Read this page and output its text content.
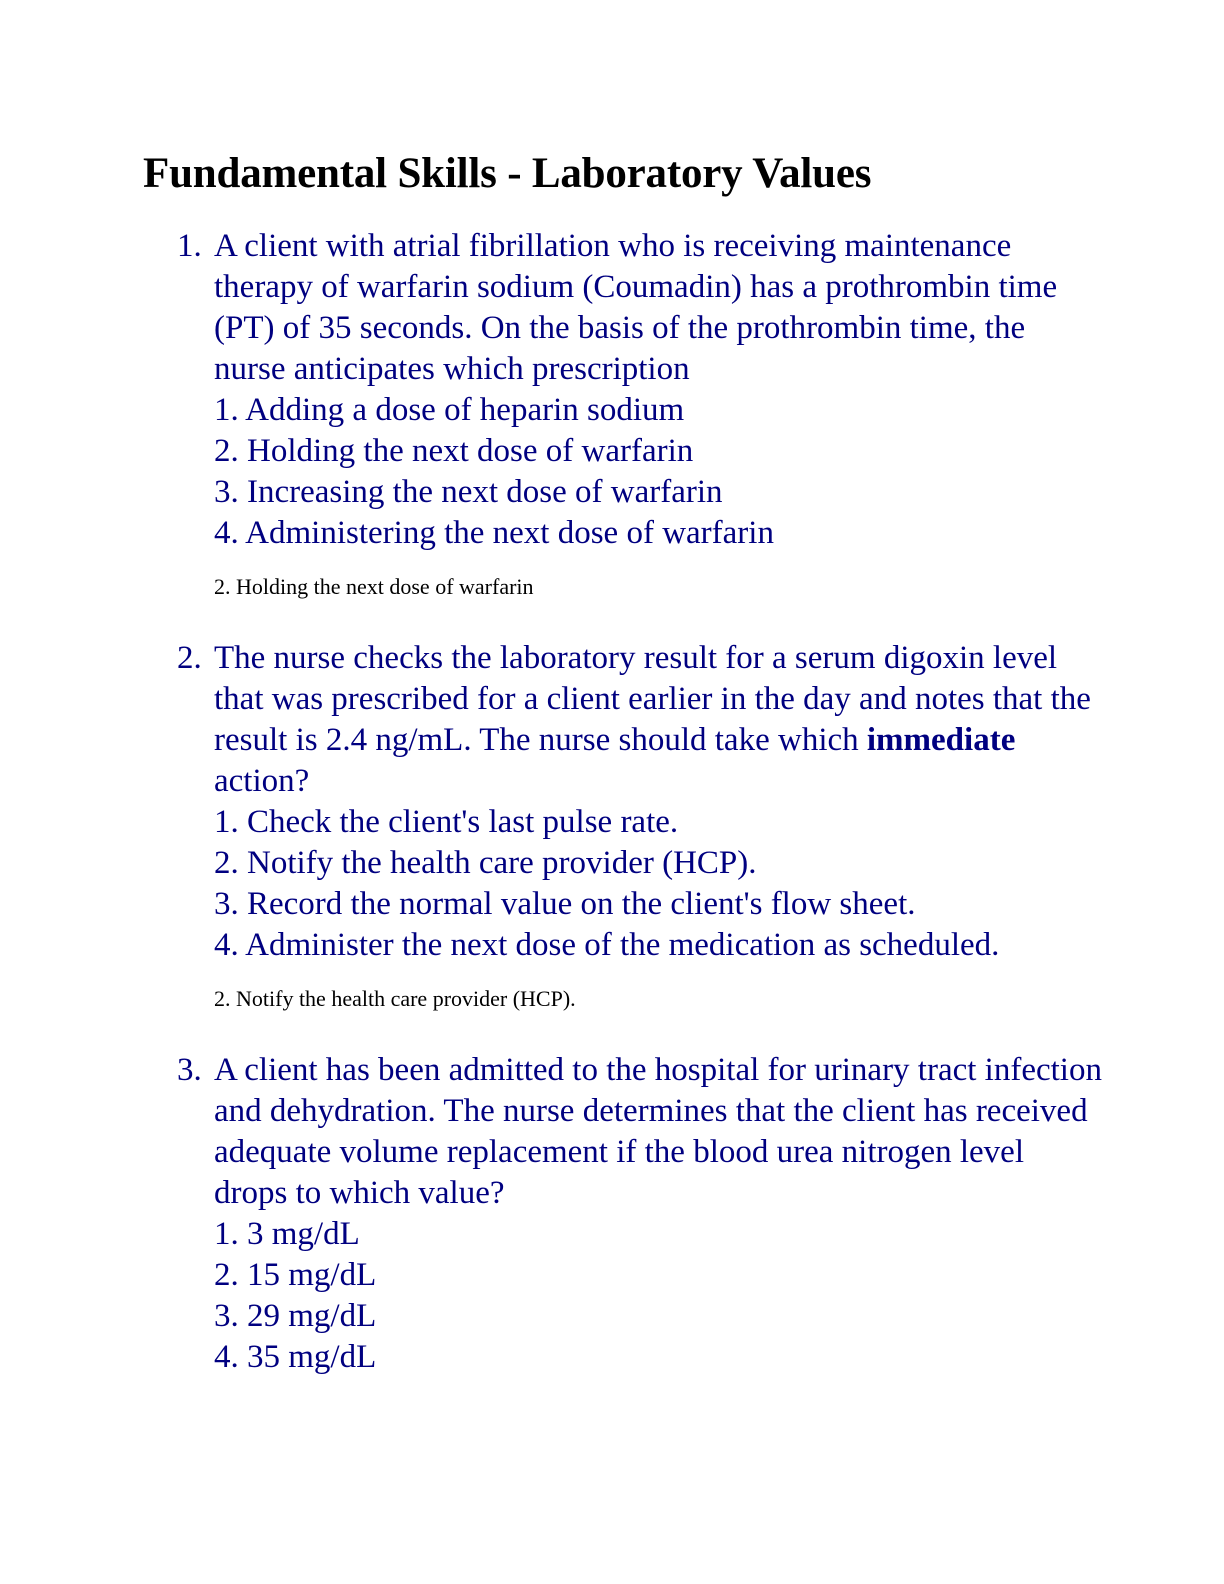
Fundamental Skills - Laboratory Values
1. A client with atrial fibrillation who is receiving maintenance therapy of warfarin sodium (Coumadin) has a prothrombin time (PT) of 35 seconds. On the basis of the prothrombin time, the nurse anticipates which prescription
1. Adding a dose of heparin sodium
2. Holding the next dose of warfarin
3. Increasing the next dose of warfarin
4. Administering the next dose of warfarin
2. Holding the next dose of warfarin
2. The nurse checks the laboratory result for a serum digoxin level that was prescribed for a client earlier in the day and notes that the result is 2.4 ng/mL. The nurse should take which immediate action?
1. Check the client's last pulse rate.
2. Notify the health care provider (HCP).
3. Record the normal value on the client's flow sheet.
4. Administer the next dose of the medication as scheduled.
2. Notify the health care provider (HCP).
3. A client has been admitted to the hospital for urinary tract infection and dehydration. The nurse determines that the client has received adequate volume replacement if the blood urea nitrogen level drops to which value?
1. 3 mg/dL
2. 15 mg/dL
3. 29 mg/dL
4. 35 mg/dL
